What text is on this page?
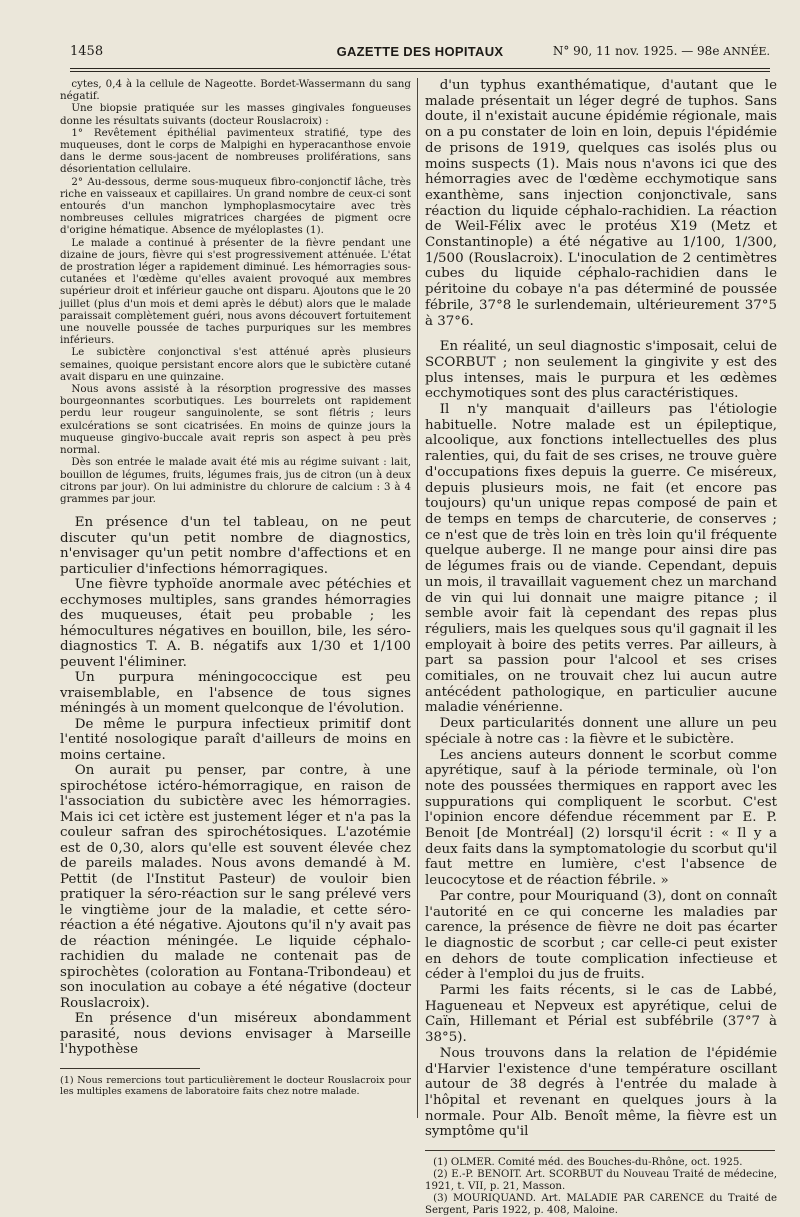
1458	GAZETTE DES HOPITAUX	N° 90, 11 nov. 1925. — 98e ANNÉE.

cytes, 0,4 à la cellule de Nageotte. Bordet-Wassermann du sang négatif.

Une biopsie pratiquée sur les masses gingivales fongueuses donne les résultats suivants (docteur Rouslacroix) :

1° Revêtement épithélial pavimenteux stratifié, type des muqueuses, dont le corps de Malpighi en hyperacanthose envoie dans le derme sous-jacent de nombreuses proliférations, sans désorientation cellulaire.

2° Au-dessous, derme sous-muqueux fibro-conjonctif lâche, très riche en vaisseaux et capillaires. Un grand nombre de ceux-ci sont entourés d'un manchon lymphoplasmocytaire avec très nombreuses cellules migratrices chargées de pigment ocre d'origine hématique. Absence de myéloplastes (1).

Le malade a continué à présenter de la fièvre pendant une dizaine de jours, fièvre qui s'est progressivement atténuée. L'état de prostration léger a rapidement diminué. Les hémorragies sous-cutanées et l'œdème qu'elles avaient provoqué aux membres supérieur droit et inférieur gauche ont disparu. Ajoutons que le 20 juillet (plus d'un mois et demi après le début) alors que le malade paraissait complètement guéri, nous avons découvert fortuitement une nouvelle poussée de taches purpuriques sur les membres inférieurs.

Le subictère conjonctival s'est atténué après plusieurs semaines, quoique persistant encore alors que le subictère cutané avait disparu en une quinzaine.

Nous avons assisté à la résorption progressive des masses bourgeonnantes scorbutiques. Les bourrelets ont rapidement perdu leur rougeur sanguinolente, se sont flétris ; leurs exulcérations se sont cicatrisées. En moins de quinze jours la muqueuse gingivo-buccale avait repris son aspect à peu près normal.

Dès son entrée le malade avait été mis au régime suivant : lait, bouillon de légumes, fruits, légumes frais, jus de citron (un à deux citrons par jour). On lui administre du chlorure de calcium : 3 à 4 grammes par jour.

En présence d'un tel tableau, on ne peut discuter qu'un petit nombre de diagnostics, n'envisager qu'un petit nombre d'affections et en particulier d'infections hémorragiques.

Une fièvre typhoïde anormale avec pétéchies et ecchymoses multiples, sans grandes hémorragies des muqueuses, était peu probable ; les hémocultures négatives en bouillon, bile, les séro-diagnostics T. A. B. négatifs aux 1/30 et 1/100 peuvent l'éliminer.

Un purpura méningococcique est peu vraisemblable, en l'absence de tous signes méningés à un moment quelconque de l'évolution.

De même le purpura infectieux primitif dont l'entité nosologique paraît d'ailleurs de moins en moins certaine.

On aurait pu penser, par contre, à une spirochétose ictéro-hémorragique, en raison de l'association du subictère avec les hémorragies. Mais ici cet ictère est justement léger et n'a pas la couleur safran des spirochétosiques. L'azotémie est de 0,30, alors qu'elle est souvent élevée chez de pareils malades. Nous avons demandé à M. Pettit (de l'Institut Pasteur) de vouloir bien pratiquer la séro-réaction sur le sang prélevé vers le vingtième jour de la maladie, et cette séro-réaction a été négative. Ajoutons qu'il n'y avait pas de réaction méningée. Le liquide céphalo-rachidien du malade ne contenait pas de spirochètes (coloration au Fontana-Tribondeau) et son inoculation au cobaye a été négative (docteur Rouslacroix).

En présence d'un miséreux abondamment parasité, nous devions envisager à Marseille l'hypothèse

(1) Nous remercions tout particulièrement le docteur Rouslacroix pour les multiples examens de laboratoire faits chez notre malade.

d'un typhus exanthématique, d'autant que le malade présentait un léger degré de tuphos. Sans doute, il n'existait aucune épidémie régionale, mais on a pu constater de loin en loin, depuis l'épidémie de prisons de 1919, quelques cas isolés plus ou moins suspects (1). Mais nous n'avons ici que des hémorragies avec de l'œdème ecchymotique sans exanthème, sans injection conjonctivale, sans réaction du liquide céphalo-rachidien. La réaction de Weil-Félix avec le protéus X19 (Metz et Constantinople) a été négative au 1/100, 1/300, 1/500 (Rouslacroix). L'inoculation de 2 centimètres cubes du liquide céphalo-rachidien dans le péritoine du cobaye n'a pas déterminé de poussée fébrile, 37°8 le surlendemain, ultérieurement 37°5 à 37°6.

En réalité, un seul diagnostic s'imposait, celui de SCORBUT ; non seulement la gingivite y est des plus intenses, mais le purpura et les œdèmes ecchymotiques sont des plus caractéristiques.

Il n'y manquait d'ailleurs pas l'étiologie habituelle. Notre malade est un épileptique, alcoolique, aux fonctions intellectuelles des plus ralenties, qui, du fait de ses crises, ne trouve guère d'occupations fixes depuis la guerre. Ce miséreux, depuis plusieurs mois, ne fait (et encore pas toujours) qu'un unique repas composé de pain et de temps en temps de charcuterie, de conserves ; ce n'est que de très loin en très loin qu'il fréquente quelque auberge. Il ne mange pour ainsi dire pas de légumes frais ou de viande. Cependant, depuis un mois, il travaillait vaguement chez un marchand de vin qui lui donnait une maigre pitance ; il semble avoir fait là cependant des repas plus réguliers, mais les quelques sous qu'il gagnait il les employait à boire des petits verres. Par ailleurs, à part sa passion pour l'alcool et ses crises comitiales, on ne trouvait chez lui aucun autre antécédent pathologique, en particulier aucune maladie vénérienne.

Deux particularités donnent une allure un peu spéciale à notre cas : la fièvre et le subictère.

Les anciens auteurs donnent le scorbut comme apyrétique, sauf à la période terminale, où l'on note des poussées thermiques en rapport avec les suppurations qui compliquent le scorbut. C'est l'opinion encore défendue récemment par E. P. Benoit [de Montréal] (2) lorsqu'il écrit : « Il y a deux faits dans la symptomatologie du scorbut qu'il faut mettre en lumière, c'est l'absence de leucocytose et de réaction fébrile. »

Par contre, pour Mouriquand (3), dont on connaît l'autorité en ce qui concerne les maladies par carence, la présence de fièvre ne doit pas écarter le diagnostic de scorbut ; car celle-ci peut exister en dehors de toute complication infectieuse et céder à l'emploi du jus de fruits.

Parmi les faits récents, si le cas de Labbé, Hagueneau et Nepveux est apyrétique, celui de Caïn, Hillemant et Périal est subfébrile (37°7 à 38°5).

Nous trouvons dans la relation de l'épidémie d'Harvier l'existence d'une température oscillant autour de 38 degrés à l'entrée du malade à l'hôpital et revenant en quelques jours à la normale. Pour Alb. Benoît même, la fièvre est un symptôme qu'il

(1) OLMER. Comité méd. des Bouches-du-Rhône, oct. 1925.

(2) E.-P. BENOIT. Art. SCORBUT du Nouveau Traité de médecine, 1921, t. VII, p. 21, Masson.

(3) MOURIQUAND. Art. MALADIE PAR CARENCE du Traité de Sergent, Paris 1922, p. 408, Maloine.
